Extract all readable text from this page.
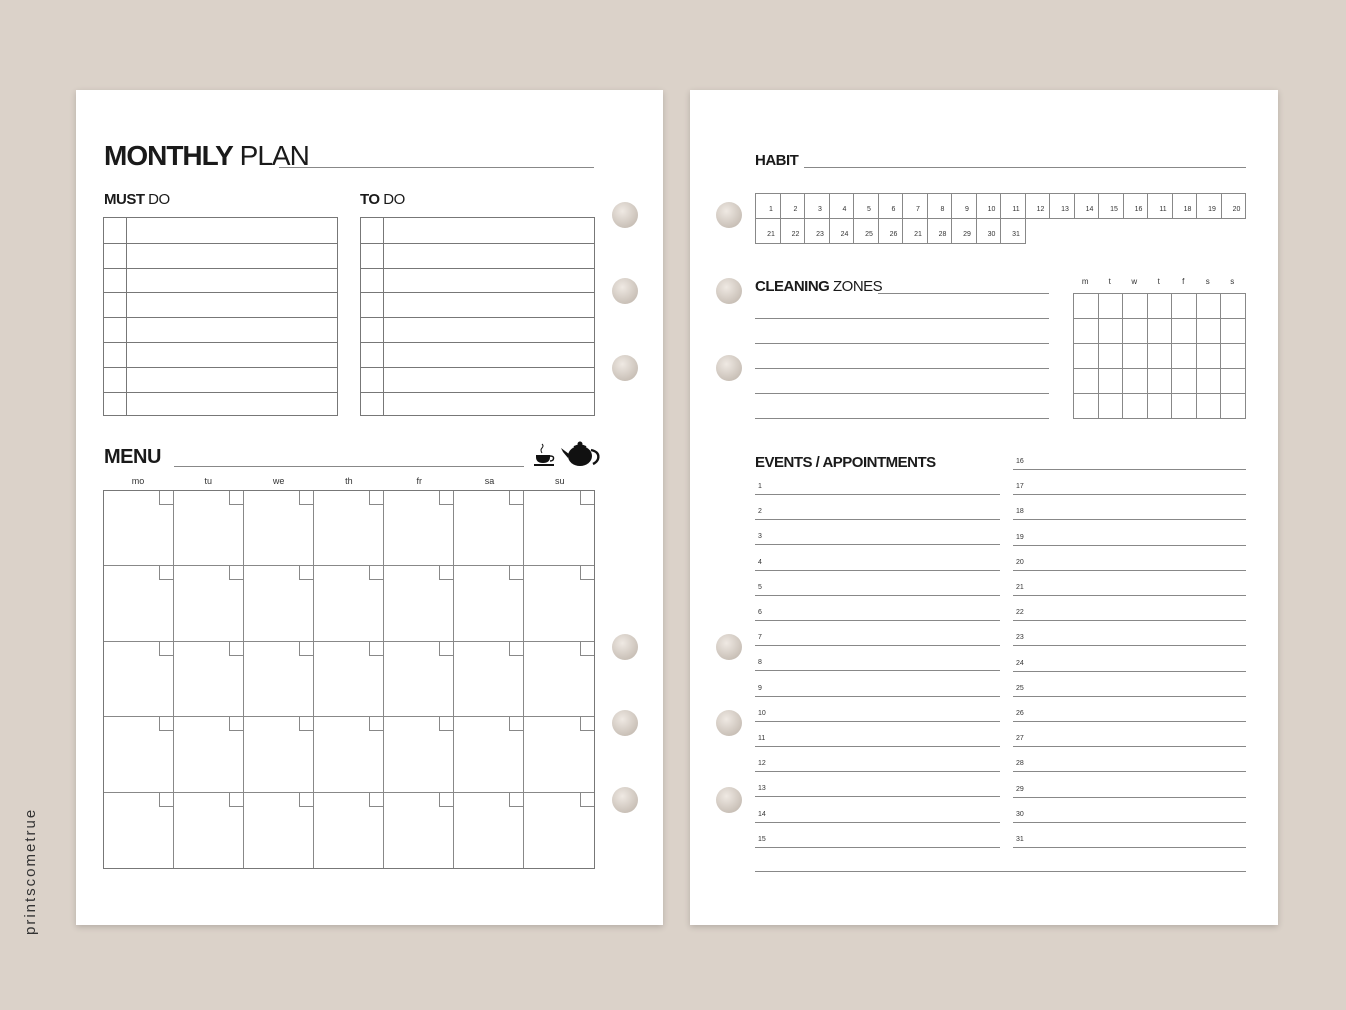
MONTHLY PLAN
MUST DO	TO DO
MENU
mo	tu	we	th	fr	sa	su
HABIT
1	2	3	4	5	6	7	8	9	10	11	12	13	14	15	16	11	18	19	20
21	22	23	24	25	26	21	28	29	30	31
CLEANING ZONES	m	t	w	t	f	s	s
EVENTS / APPOINTMENTS
1
2
3
4
5
6
7
8
9
10
11
12
13
14
15
16
17
18
19
20
21
22
23
24
25
26
27
28
29
30
31
printscometrue
